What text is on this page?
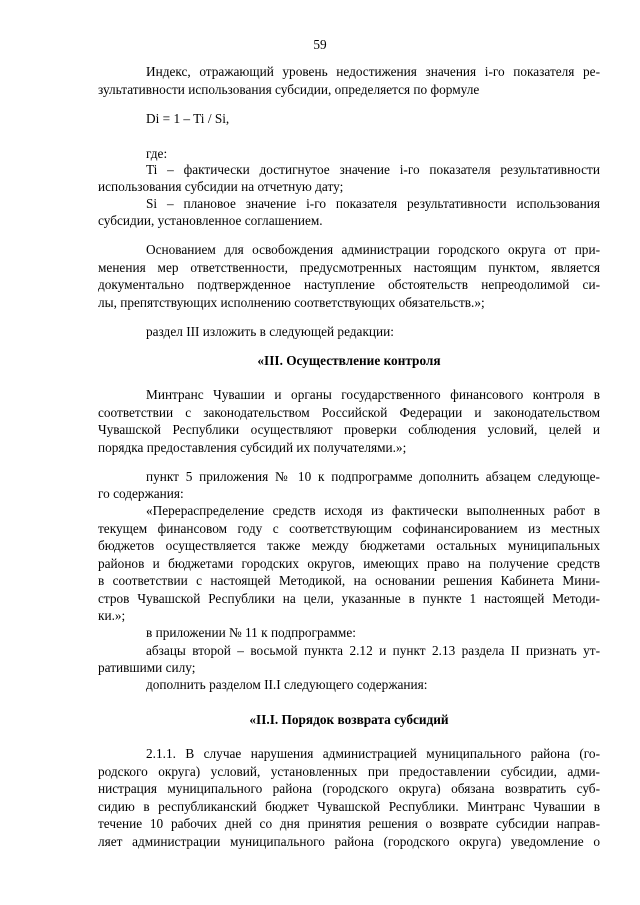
59
Индекс, отражающий уровень недостижения значения i-го показателя ре-
зультативности использования субсидии, определяется по формуле
Di = 1 – Ti / Si,
где:
Ti – фактически достигнутое значение i-го показателя результативности
использования субсидии на отчетную дату;
Si – плановое значение i-го показателя результативности использования
субсидии, установленное соглашением.
Основанием для освобождения администрации городского округа от при-
менения мер ответственности, предусмотренных настоящим пунктом, является
документально подтвержденное наступление обстоятельств непреодолимой си-
лы, препятствующих исполнению соответствующих обязательств.»;
раздел III изложить в следующей редакции:
«III. Осуществление контроля
Минтранс Чувашии и органы государственного финансового контроля в
соответствии с законодательством Российской Федерации и законодательством
Чувашской Республики осуществляют проверки соблюдения условий, целей и
порядка предоставления субсидий их получателями.»;
пункт 5 приложения № 10 к подпрограмме дополнить абзацем следующе-
го содержания:
«Перераспределение средств исходя из фактически выполненных работ в
текущем финансовом году с соответствующим софинансированием из местных
бюджетов осуществляется также между бюджетами остальных муниципальных
районов и бюджетами городских округов, имеющих право на получение средств
в соответствии с настоящей Методикой, на основании решения Кабинета Мини-
стров Чувашской Республики на цели, указанные в пункте 1 настоящей Методи-
ки.»;
в приложении № 11 к подпрограмме:
абзацы второй – восьмой пункта 2.12 и пункт 2.13 раздела II признать ут-
ратившими силу;
дополнить разделом II.I следующего содержания:
«II.I. Порядок возврата субсидий
2.1.1. В случае нарушения администрацией муниципального района (го-
родского округа) условий, установленных при предоставлении субсидии, адми-
нистрация муниципального района (городского округа) обязана возвратить суб-
сидию в республиканский бюджет Чувашской Республики. Минтранс Чувашии в
течение 10 рабочих дней со дня принятия решения о возврате субсидии направ-
ляет администрации муниципального района (городского округа) уведомление о
